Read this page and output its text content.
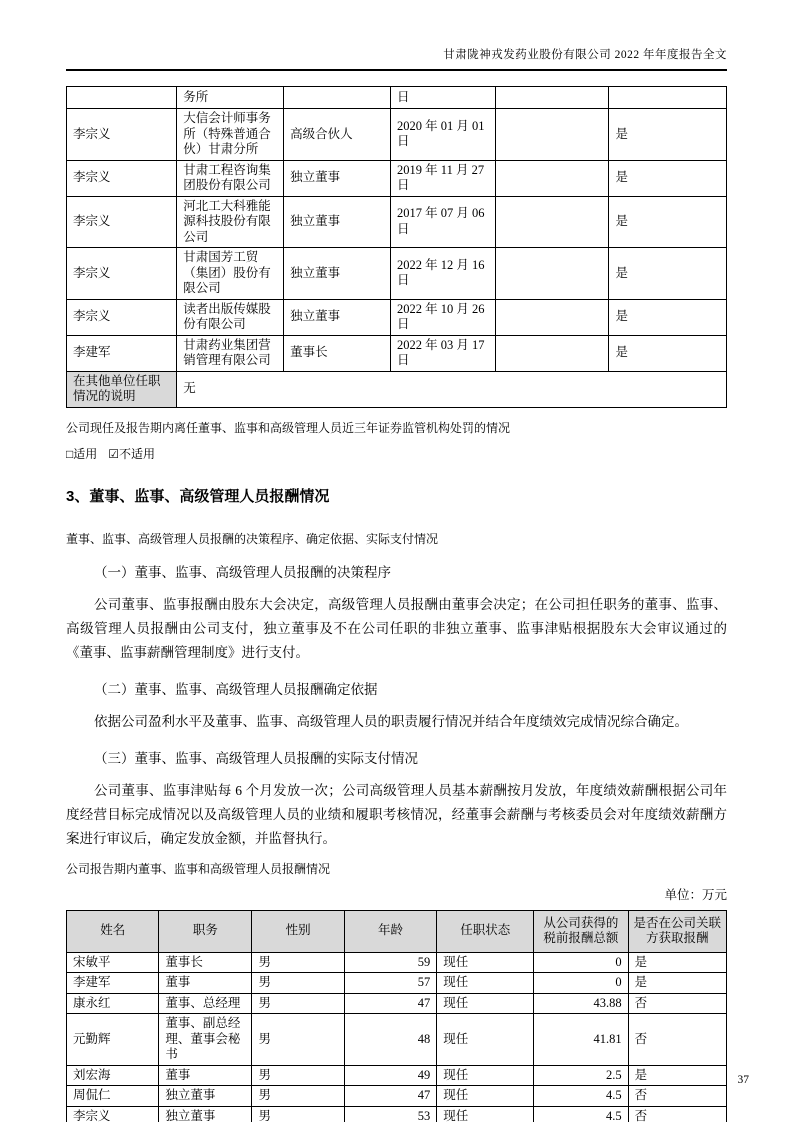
甘肃陇神戎发药业股份有限公司 2022 年年度报告全文
	务所		日		
李宗义	大信会计师事务所（特殊普通合伙）甘肃分所	高级合伙人	2020 年 01 月 01 日		是
李宗义	甘肃工程咨询集团股份有限公司	独立董事	2019 年 11 月 27 日		是
李宗义	河北工大科雅能源科技股份有限公司	独立董事	2017 年 07 月 06 日		是
李宗义	甘肃国芳工贸（集团）股份有限公司	独立董事	2022 年 12 月 16 日		是
李宗义	读者出版传媒股份有限公司	独立董事	2022 年 10 月 26 日		是
李建军	甘肃药业集团营销管理有限公司	董事长	2022 年 03 月 17 日		是
在其他单位任职情况的说明	无				
公司现任及报告期内离任董事、监事和高级管理人员近三年证券监管机构处罚的情况
□适用 ☑不适用
3、董事、监事、高级管理人员报酬情况
董事、监事、高级管理人员报酬的决策程序、确定依据、实际支付情况
（一）董事、监事、高级管理人员报酬的决策程序
公司董事、监事报酬由股东大会决定，高级管理人员报酬由董事会决定；在公司担任职务的董事、监事、高级管理人员报酬由公司支付，独立董事及不在公司任职的非独立董事、监事津贴根据股东大会审议通过的《董事、监事薪酬管理制度》进行支付。
（二）董事、监事、高级管理人员报酬确定依据
依据公司盈利水平及董事、监事、高级管理人员的职责履行情况并结合年度绩效完成情况综合确定。
（三）董事、监事、高级管理人员报酬的实际支付情况
公司董事、监事津贴每 6 个月发放一次；公司高级管理人员基本薪酬按月发放，年度绩效薪酬根据公司年度经营目标完成情况以及高级管理人员的业绩和履职考核情况，经董事会薪酬与考核委员会对年度绩效薪酬方案进行审议后，确定发放金额，并监督执行。
公司报告期内董事、监事和高级管理人员报酬情况
单位：万元
姓名	职务	性别	年龄	任职状态	从公司获得的税前报酬总额	是否在公司关联方获取报酬
宋敏平	董事长	男	59	现任	0	是
李建军	董事	男	57	现任	0	是
康永红	董事、总经理	男	47	现任	43.88	否
元勤辉	董事、副总经理、董事会秘书	男	48	现任	41.81	否
刘宏海	董事	男	49	现任	2.5	是
周侃仁	独立董事	男	47	现任	4.5	否
李宗义	独立董事	男	53	现任	4.5	否
37
